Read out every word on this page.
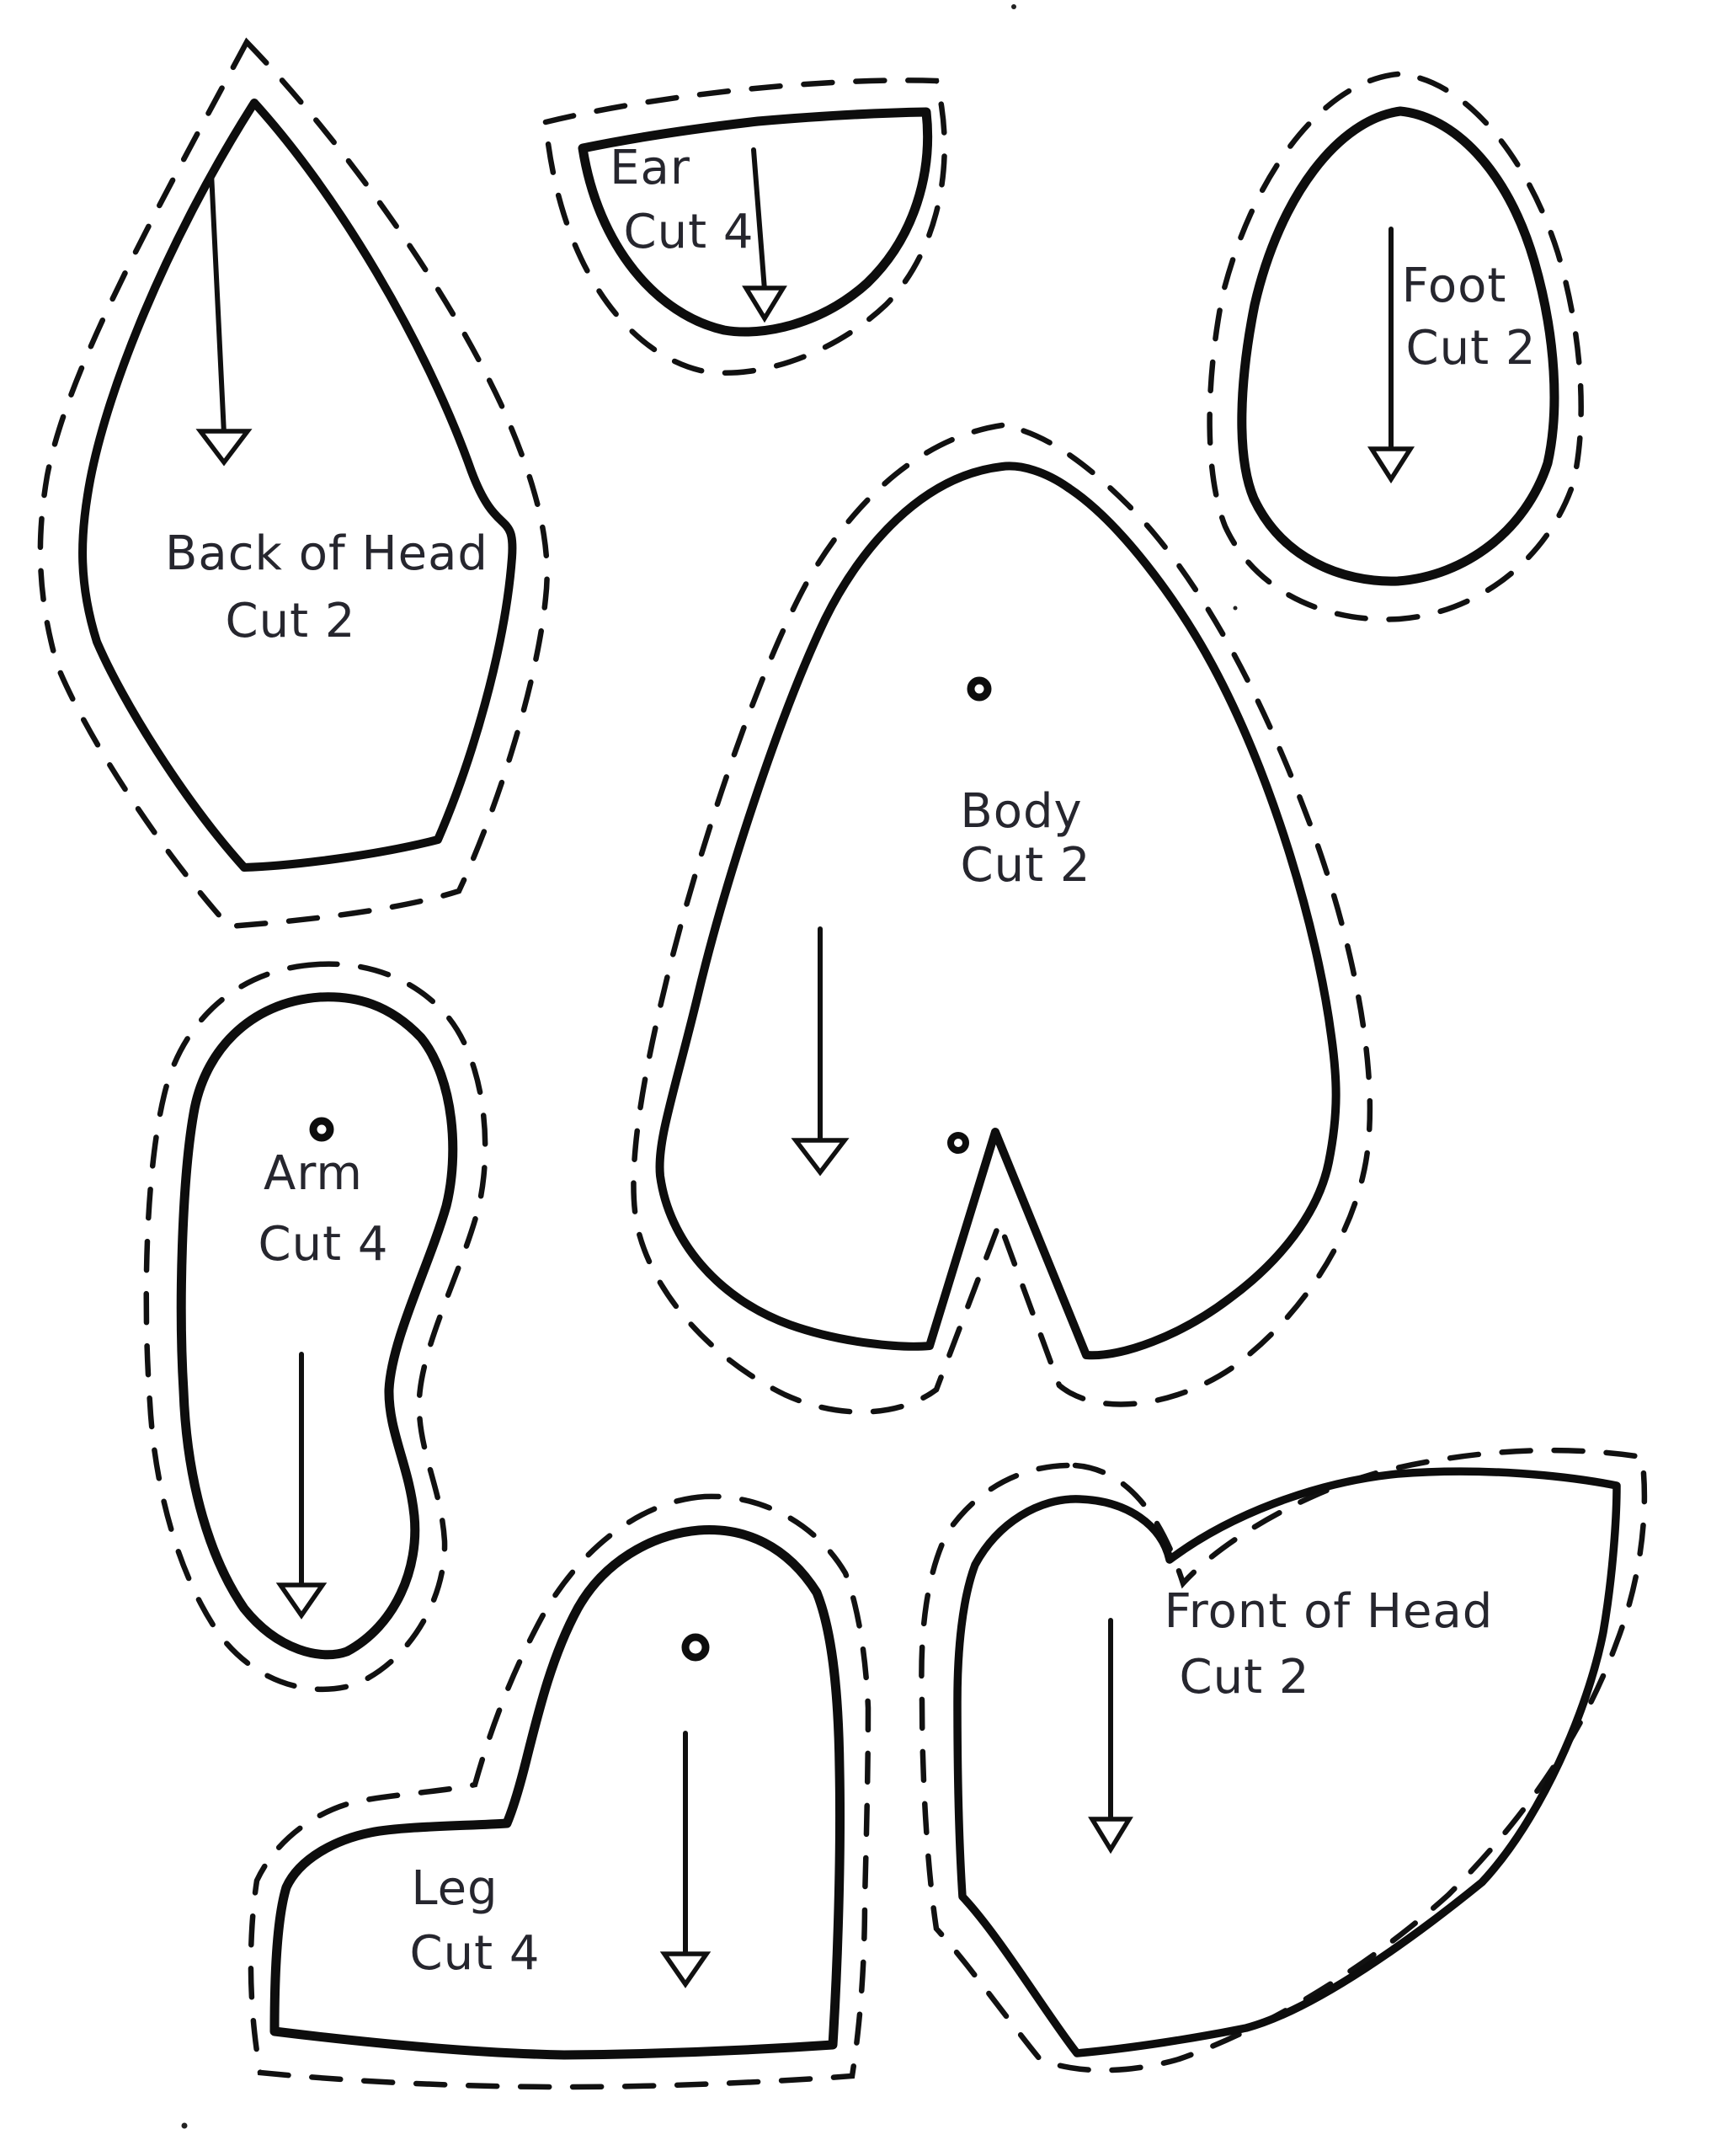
Back of Head
Cut 2
Ear
Cut 4
Foot
Cut 2
Body
Cut 2
Arm
Cut 4
Leg
Cut 4
Front of Head
Cut 2
